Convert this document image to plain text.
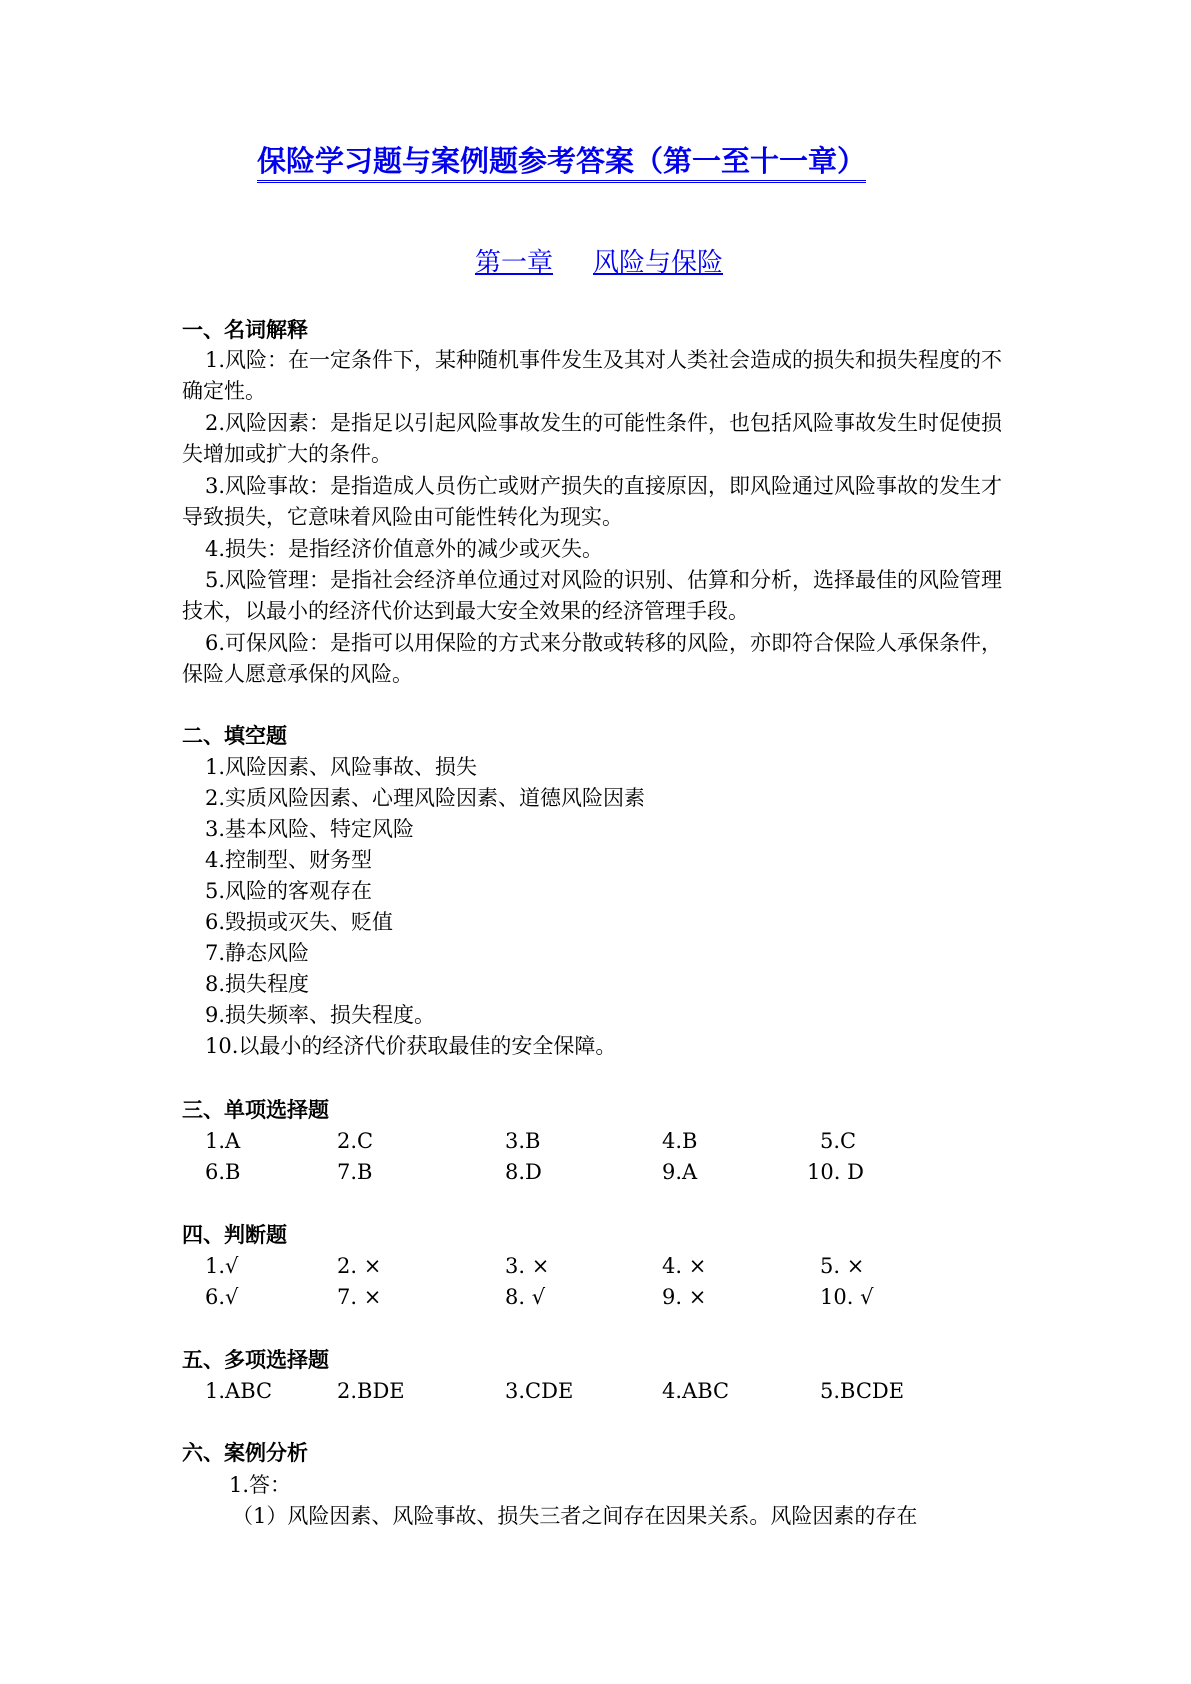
保险学习题与案例题参考答案（第一至十一章）
第一章 风险与保险
一、名词解释

1.风险：在一定条件下，某种随机事件发生及其对人类社会造成的损失和损失程度的不确定性。

2.风险因素：是指足以引起风险事故发生的可能性条件，也包括风险事故发生时促使损失增加或扩大的条件。

3.风险事故：是指造成人员伤亡或财产损失的直接原因，即风险通过风险事故的发生才导致损失，它意味着风险由可能性转化为现实。

4.损失：是指经济价值意外的减少或灭失。

5.风险管理：是指社会经济单位通过对风险的识别、估算和分析，选择最佳的风险管理技术，以最小的经济代价达到最大安全效果的经济管理手段。

6.可保风险：是指可以用保险的方式来分散或转移的风险，亦即符合保险人承保条件，保险人愿意承保的风险。

二、填空题
1.风险因素、风险事故、损失
2.实质风险因素、心理风险因素、道德风险因素
3.基本风险、特定风险
4.控制型、财务型
5.风险的客观存在
6.毁损或灭失、贬值
7.静态风险
8.损失程度
9.损失频率、损失程度。
10.以最小的经济代价获取最佳的安全保障。
三、单项选择题
1.A	2.C	3.B	4.B	5.C
6.B	7.B	8.D	9.A	10. D
四、判断题
1.√	2. ×	3. ×	4. ×	5. ×
6.√	7. ×	8. √	9. ×	10. √
五、多项选择题
1.ABC	2.BDE	3.CDE	4.ABC	5.BCDE
六、案例分析
1.答：
（1）风险因素、风险事故、损失三者之间存在因果关系。风险因素的存在
